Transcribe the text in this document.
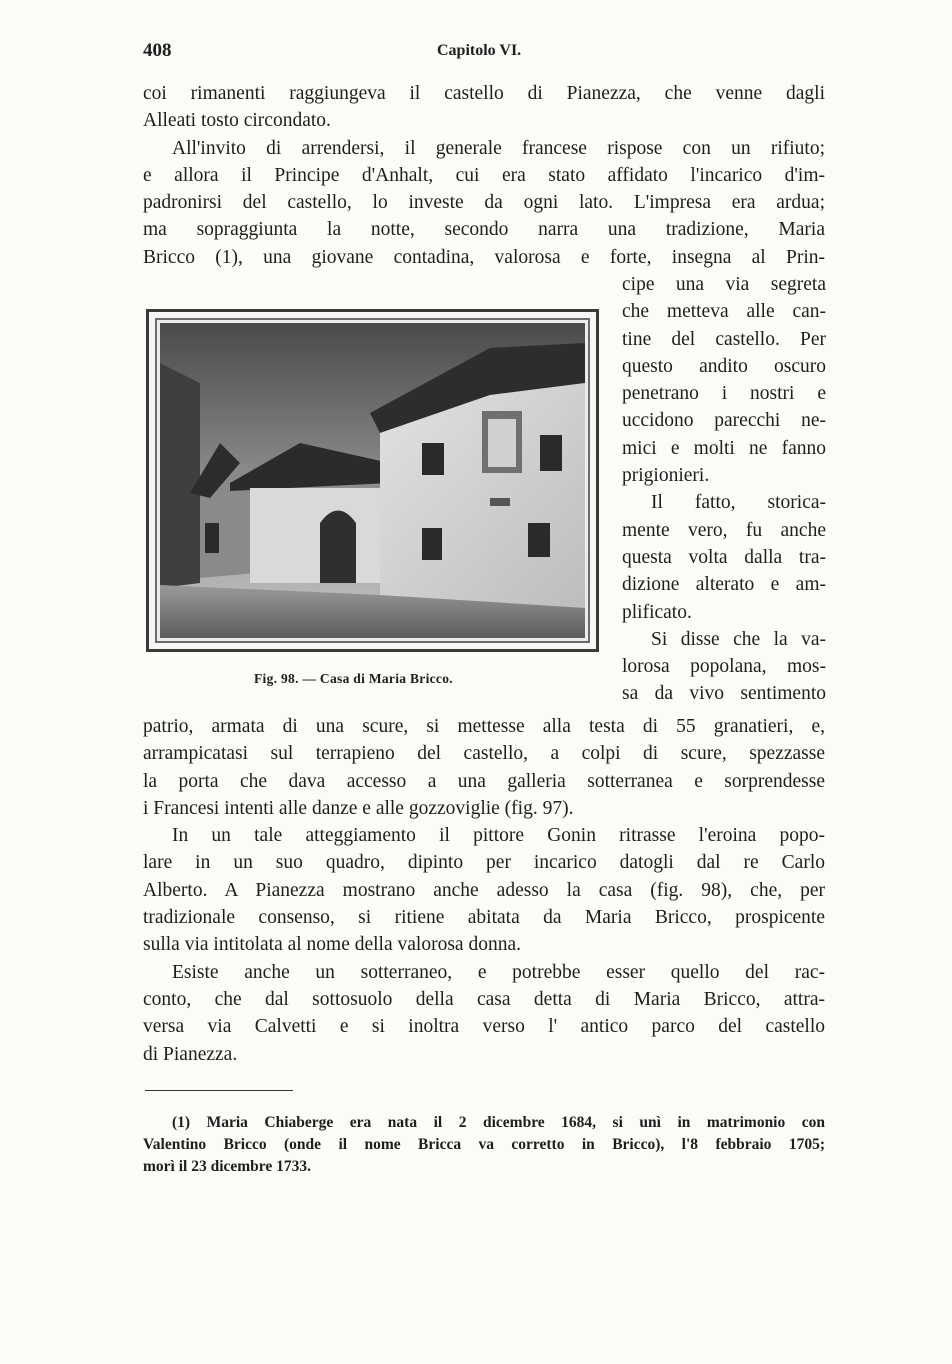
408	Capitolo VI.
coi rimanenti raggiungeva il castello di Pianezza, che venne dagli
Alleati tosto circondato.
All'invito di arrendersi, il generale francese rispose con un rifiuto;
e allora il Principe d'Anhalt, cui era stato affidato l'incarico d'im-
padronirsi del castello, lo investe da ogni lato. L'impresa era ardua;
ma sopraggiunta la notte, secondo narra una tradizione, Maria
Bricco (1), una giovane contadina, valorosa e forte, insegna al Prin-
cipe una via segreta
che metteva alle can-
tine del castello. Per
questo andito oscuro
penetrano i nostri e
uccidono parecchi ne-
mici e molti ne fanno
prigionieri.
Il fatto, storica-
mente vero, fu anche
questa volta dalla tra-
dizione alterato e am-
plificato.
Si disse che la va-
lorosa popolana, mos-
sa da vivo sentimento
Fig. 98. — Casa di Maria Bricco.
patrio, armata di una scure, si mettesse alla testa di 55 granatieri, e,
arrampicatasi sul terrapieno del castello, a colpi di scure, spezzasse
la porta che dava accesso a una galleria sotterranea e sorprendesse
i Francesi intenti alle danze e alle gozzoviglie (fig. 97).
In un tale atteggiamento il pittore Gonin ritrasse l'eroina popo-
lare in un suo quadro, dipinto per incarico datogli dal re Carlo
Alberto. A Pianezza mostrano anche adesso la casa (fig. 98), che, per
tradizionale consenso, si ritiene abitata da Maria Bricco, prospicente
sulla via intitolata al nome della valorosa donna.
Esiste anche un sotterraneo, e potrebbe esser quello del rac-
conto, che dal sottosuolo della casa detta di Maria Bricco, attra-
versa via Calvetti e si inoltra verso l' antico parco del castello
di Pianezza.
(1) Maria Chiaberge era nata il 2 dicembre 1684, si unì in matrimonio con
Valentino Bricco (onde il nome Bricca va corretto in Bricco), l'8 febbraio 1705;
morì il 23 dicembre 1733.
